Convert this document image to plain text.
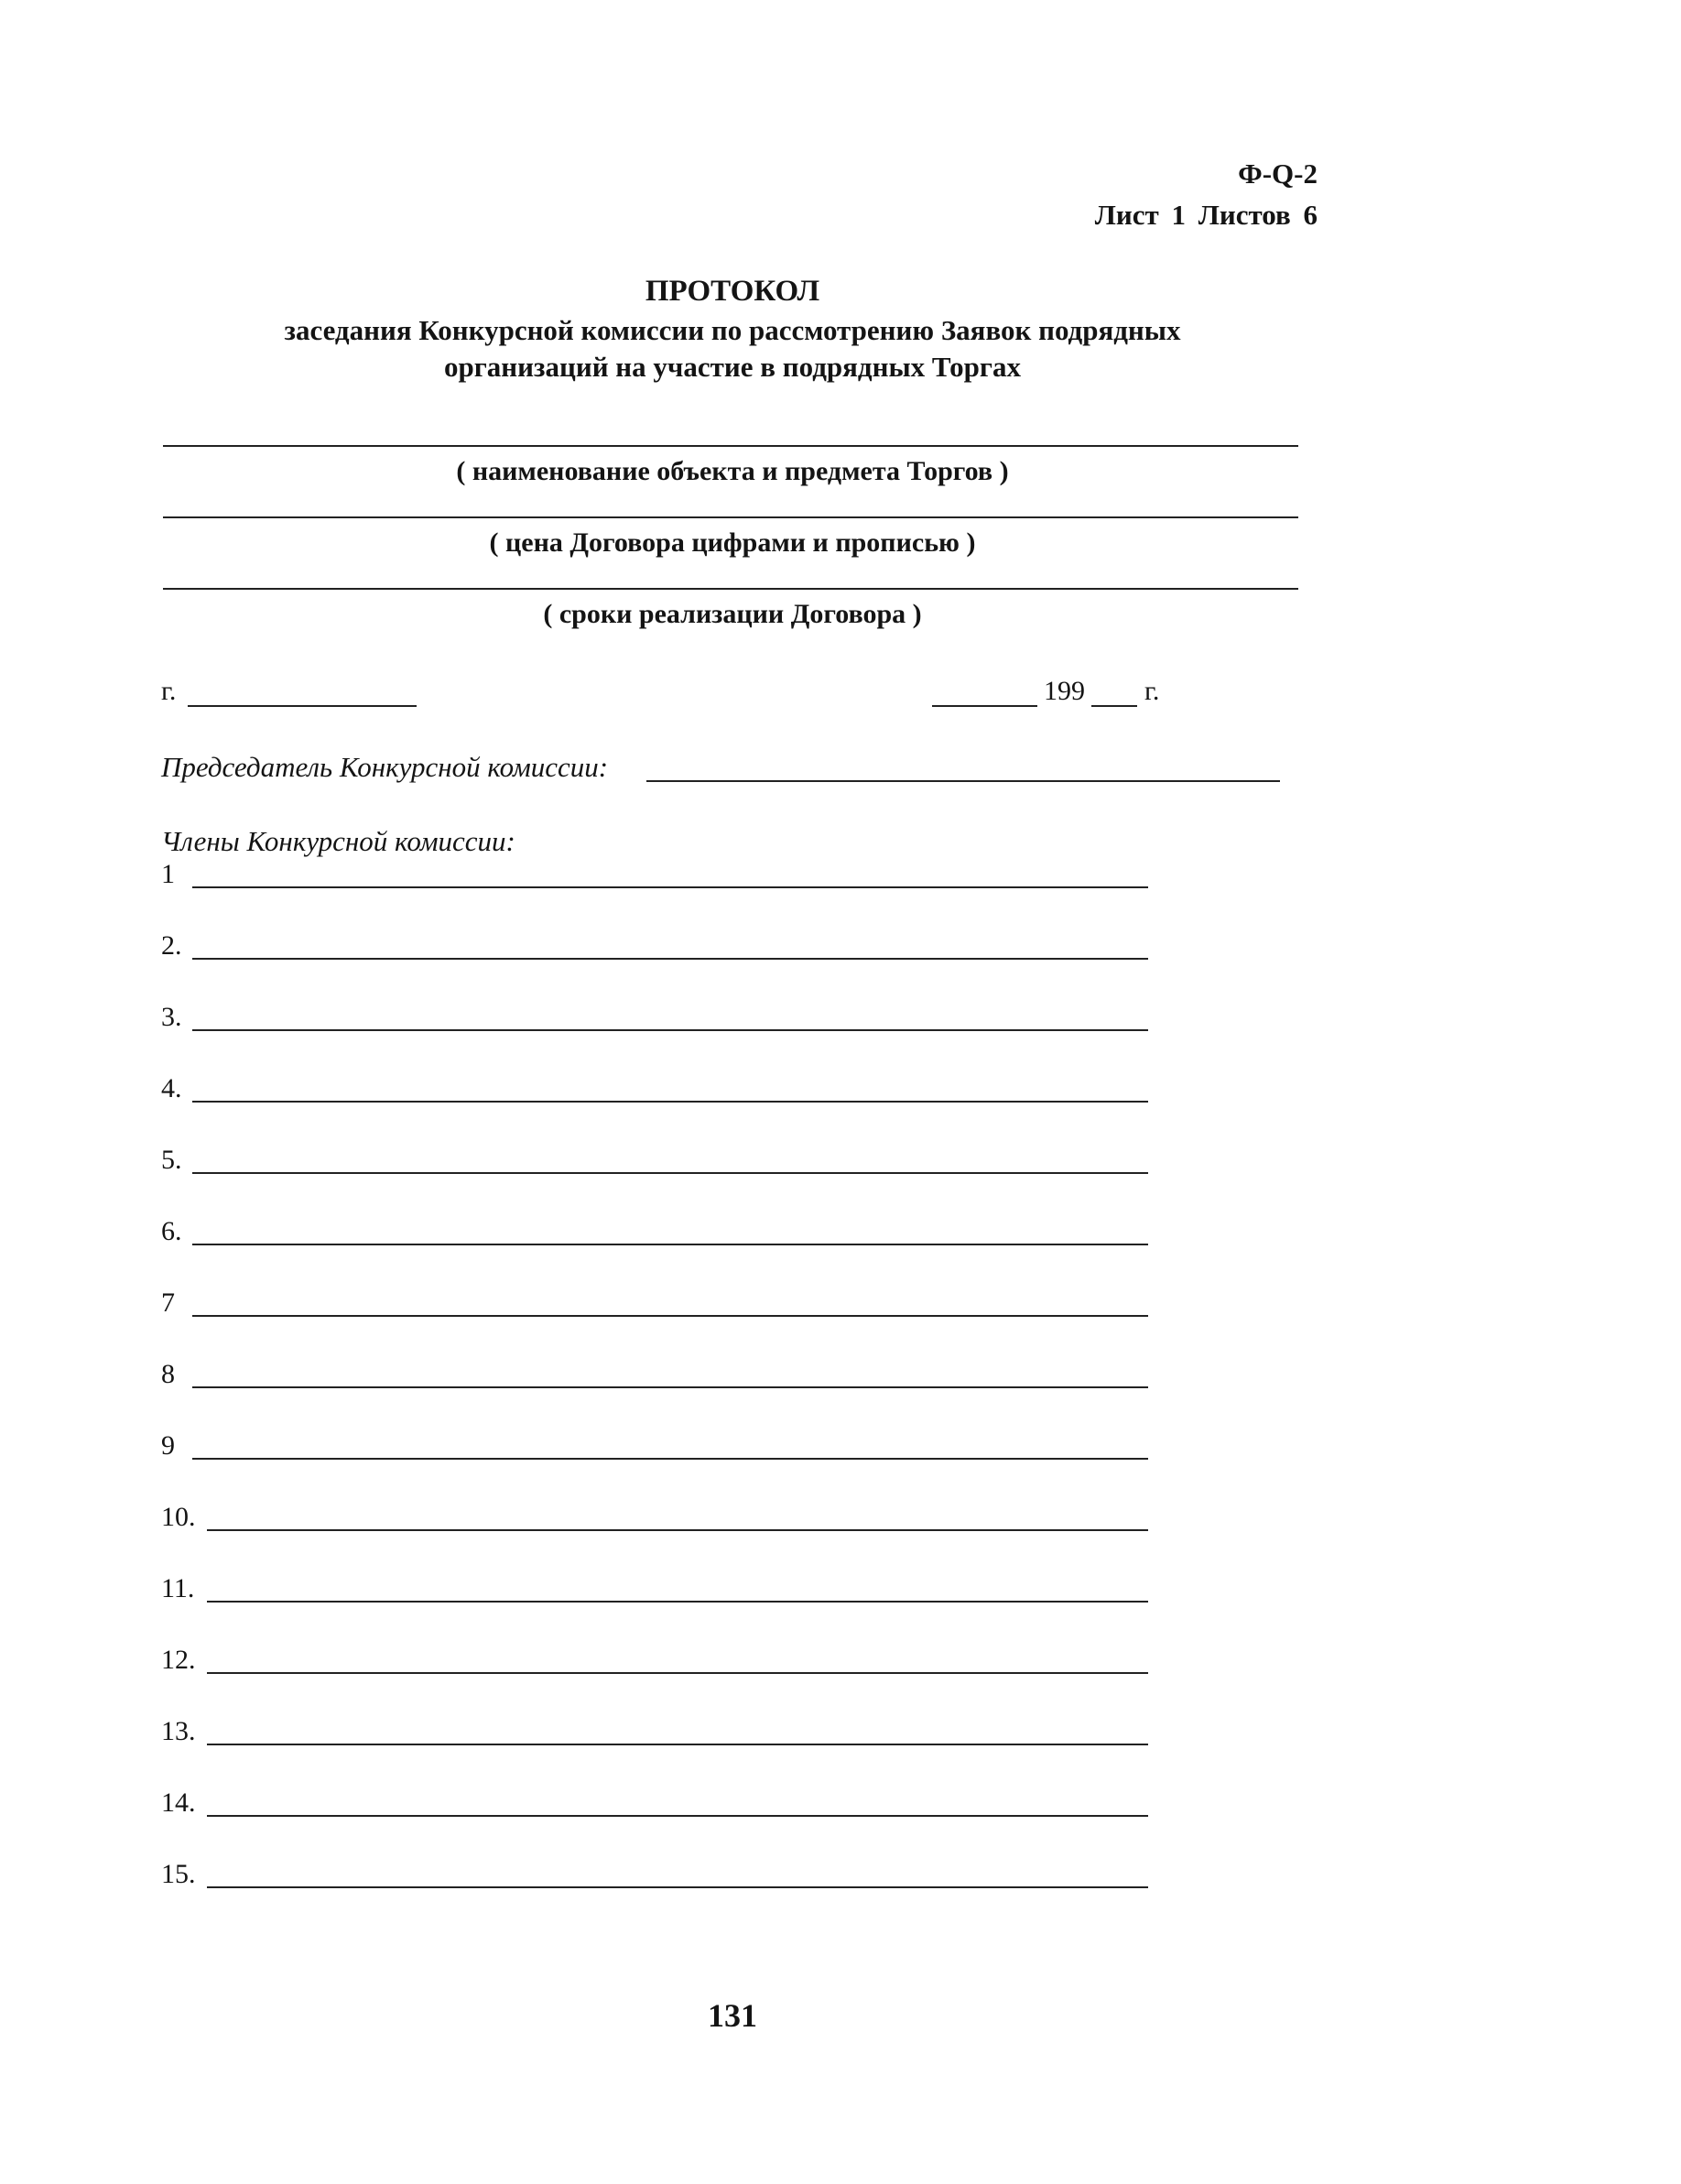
Ф-Q-2
Лист 1 Листов 6
ПРОТОКОЛ
заседания Конкурсной комиссии по рассмотрению Заявок подрядных
организаций на участие в подрядных Торгах
( наименование объекта и предмета Торгов )
( цена Договора цифрами и прописью )
( сроки реализации Договора )
г.	199 г.
Председатель Конкурсной комиссии:
Члены Конкурсной комиссии:
1
2.
3.
4.
5.
6.
7
8
9
10.
11.
12.
13.
14.
15.
131
